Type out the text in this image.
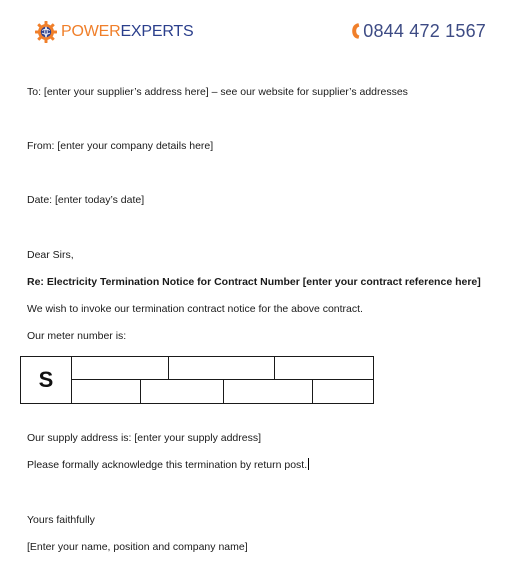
POWEREXPERTS	0844 472 1567
To: [enter your supplier’s address here] – see our website for supplier’s addresses
From: [enter your company details here]
Date: [enter today’s date]
Dear Sirs,
Re: Electricity Termination Notice for Contract Number [enter your contract reference here]
We wish to invoke our termination contract notice for the above contract.
Our meter number is:
S
Our supply address is: [enter your supply address]
Please formally acknowledge this termination by return post.
Yours faithfully
[Enter your name, position and company name]
